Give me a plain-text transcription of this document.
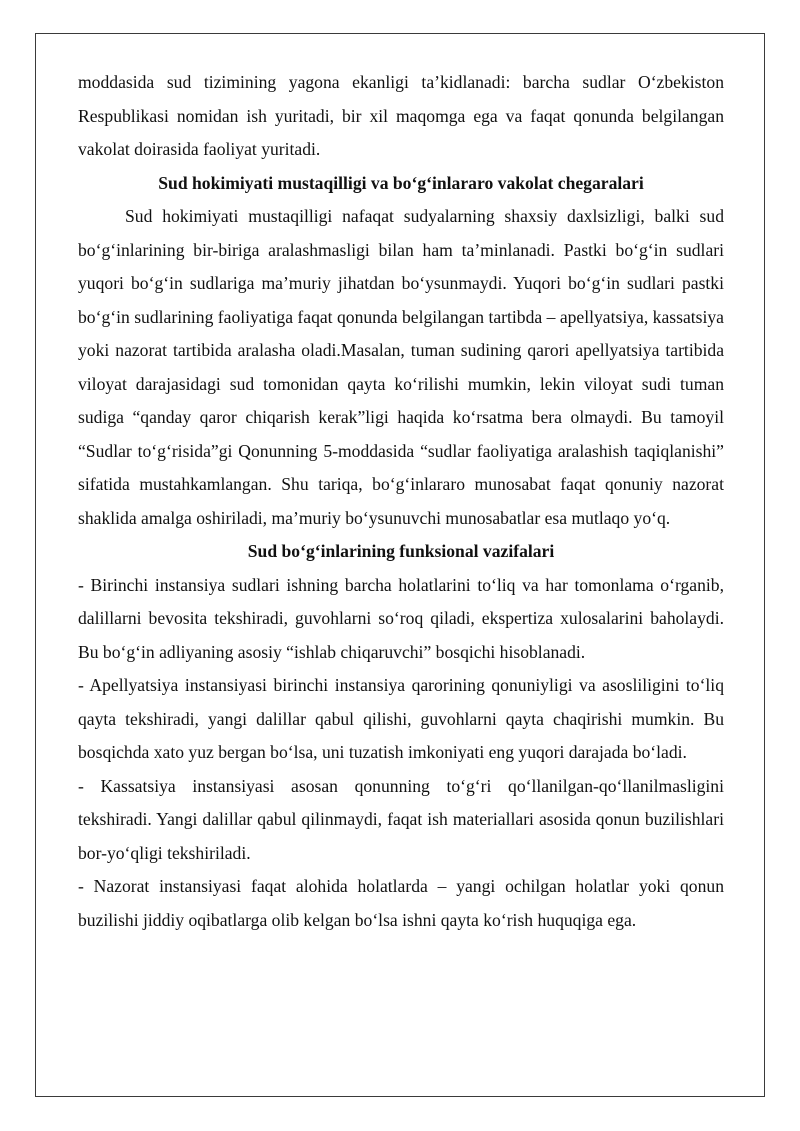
moddasida sud tizimining yagona ekanligi ta’kidlanadi: barcha sudlar O‘zbekiston Respublikasi nomidan ish yuritadi, bir xil maqomga ega va faqat qonunda belgilangan vakolat doirasida faoliyat yuritadi.

Sud hokimiyati mustaqilligi va bo‘g‘inlararo vakolat chegaralari

Sud hokimiyati mustaqilligi nafaqat sudyalarning shaxsiy daxlsizligi, balki sud bo‘g‘inlarining bir-biriga aralashmasligi bilan ham ta’minlanadi. Pastki bo‘g‘in sudlari yuqori bo‘g‘in sudlariga ma’muriy jihatdan bo‘ysunmaydi. Yuqori bo‘g‘in sudlari pastki bo‘g‘in sudlarining faoliyatiga faqat qonunda belgilangan tartibda – apellyatsiya, kassatsiya yoki nazorat tartibida aralasha oladi.Masalan, tuman sudining qarori apellyatsiya tartibida viloyat darajasidagi sud tomonidan qayta ko‘rilishi mumkin, lekin viloyat sudi tuman sudiga “qanday qaror chiqarish kerak”ligi haqida ko‘rsatma bera olmaydi. Bu tamoyil “Sudlar to‘g‘risida”gi Qonunning 5-moddasida “sudlar faoliyatiga aralashish taqiqlanishi” sifatida mustahkamlangan. Shu tariqa, bo‘g‘inlararo munosabat faqat qonuniy nazorat shaklida amalga oshiriladi, ma’muriy bo‘ysunuvchi munosabatlar esa mutlaqo yo‘q.

Sud bo‘g‘inlarining funksional vazifalari

- Birinchi instansiya sudlari ishning barcha holatlarini to‘liq va har tomonlama o‘rganib, dalillarni bevosita tekshiradi, guvohlarni so‘roq qiladi, ekspertiza xulosalarini baholaydi. Bu bo‘g‘in adliyaning asosiy “ishlab chiqaruvchi” bosqichi hisoblanadi.

- Apellyatsiya instansiyasi birinchi instansiya qarorining qonuniyligi va asosliligini to‘liq qayta tekshiradi, yangi dalillar qabul qilishi, guvohlarni qayta chaqirishi mumkin. Bu bosqichda xato yuz bergan bo‘lsa, uni tuzatish imkoniyati eng yuqori darajada bo‘ladi.

- Kassatsiya instansiyasi asosan qonunning to‘g‘ri qo‘llanilgan-qo‘llanilmasligini tekshiradi. Yangi dalillar qabul qilinmaydi, faqat ish materiallari asosida qonun buzilishlari bor-yo‘qligi tekshiriladi.

- Nazorat instansiyasi faqat alohida holatlarda – yangi ochilgan holatlar yoki qonun buzilishi jiddiy oqibatlarga olib kelgan bo‘lsa ishni qayta ko‘rish huquqiga ega.
